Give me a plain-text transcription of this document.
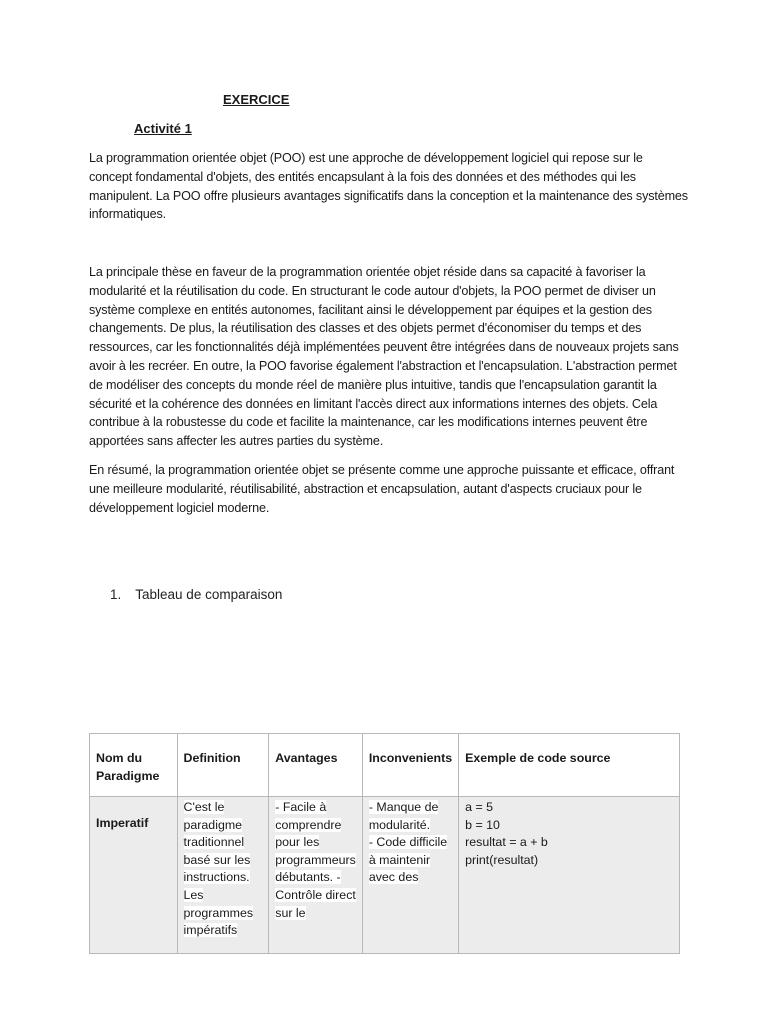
EXERCICE
Activité 1

La programmation orientée objet (POO) est une approche de développement logiciel qui repose sur le concept fondamental d'objets, des entités encapsulant à la fois des données et des méthodes qui les manipulent. La POO offre plusieurs avantages significatifs dans la conception et la maintenance des systèmes informatiques.

La principale thèse en faveur de la programmation orientée objet réside dans sa capacité à favoriser la modularité et la réutilisation du code. En structurant le code autour d'objets, la POO permet de diviser un système complexe en entités autonomes, facilitant ainsi le développement par équipes et la gestion des changements. De plus, la réutilisation des classes et des objets permet d'économiser du temps et des ressources, car les fonctionnalités déjà implémentées peuvent être intégrées dans de nouveaux projets sans avoir à les recréer. En outre, la POO favorise également l'abstraction et l'encapsulation. L'abstraction permet de modéliser des concepts du monde réel de manière plus intuitive, tandis que l'encapsulation garantit la sécurité et la cohérence des données en limitant l'accès direct aux informations internes des objets. Cela contribue à la robustesse du code et facilite la maintenance, car les modifications internes peuvent être apportées sans affecter les autres parties du système.

En résumé, la programmation orientée objet se présente comme une approche puissante et efficace, offrant une meilleure modularité, réutilisabilité, abstraction et encapsulation, autant d'aspects cruciaux pour le développement logiciel moderne.

1. Tableau de comparaison
Nom du Paradigme	Definition	Avantages	Inconvenients	Exemple de code source
Imperatif	C'est le paradigme traditionnel basé sur les instructions. Les programmes impératifs	- Facile à comprendre pour les programmeurs débutants. - Contrôle direct sur le	- Manque de modularité.
- Code difficile à maintenir avec des	a = 5
b = 10
resultat = a + b
print(resultat)
